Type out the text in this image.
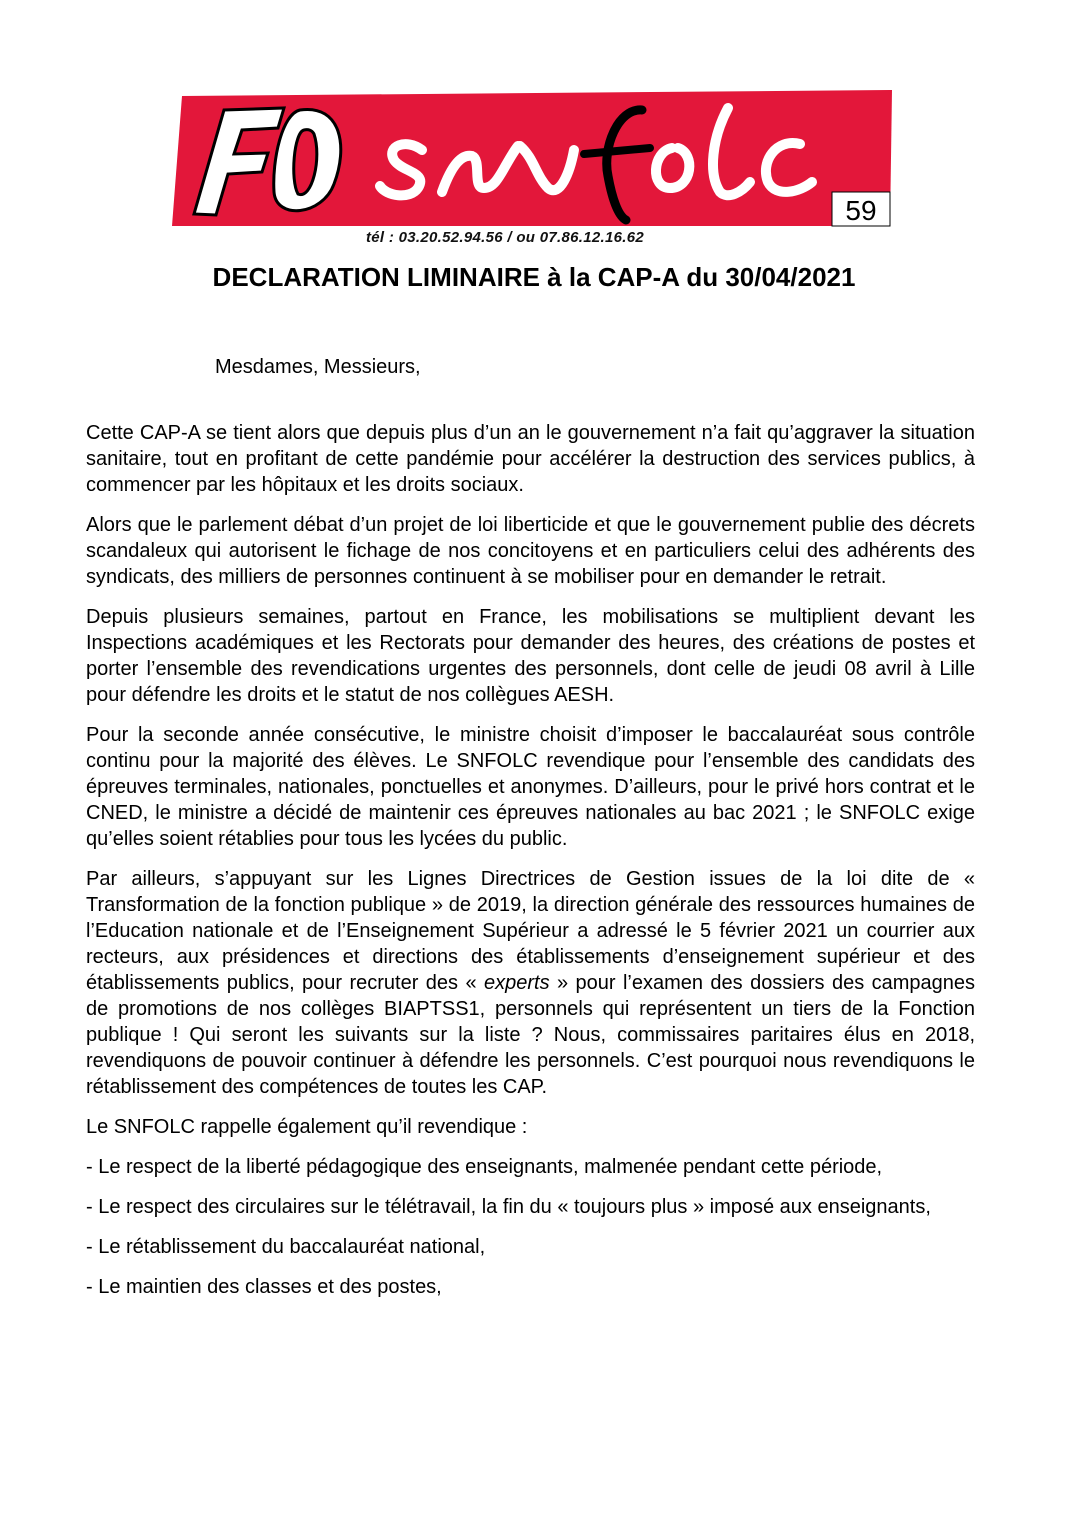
59
tél : 03.20.52.94.56 / ou 07.86.12.16.62
DECLARATION LIMINAIRE à la CAP-A du 30/04/2021

Mesdames, Messieurs,

Cette CAP-A se tient alors que depuis plus d’un an le gouvernement n’a fait qu’aggraver la situation sanitaire, tout en profitant de cette pandémie pour accélérer la destruction des services publics, à commencer par les hôpitaux et les droits sociaux.

Alors que le parlement débat d’un projet de loi liberticide et que le gouvernement publie des décrets scandaleux qui autorisent le fichage de nos concitoyens et en particuliers celui des adhérents des syndicats, des milliers de personnes continuent à se mobiliser pour en demander le retrait.

Depuis plusieurs semaines, partout en France, les mobilisations se multiplient devant les Inspections académiques et les Rectorats pour demander des heures, des créations de postes et porter l’ensemble des revendications urgentes des personnels, dont celle de jeudi 08 avril à Lille pour défendre les droits et le statut de nos collègues AESH.

Pour la seconde année consécutive, le ministre choisit d’imposer le baccalauréat sous contrôle continu pour la majorité des élèves. Le SNFOLC revendique pour l’ensemble des candidats des épreuves terminales, nationales, ponctuelles et anonymes. D’ailleurs, pour le privé hors contrat et le CNED, le ministre a décidé de maintenir ces épreuves nationales au bac 2021 ; le SNFOLC exige qu’elles soient rétablies pour tous les lycées du public.

Par ailleurs, s’appuyant sur les Lignes Directrices de Gestion issues de la loi dite de « Transformation de la fonction publique » de 2019, la direction générale des ressources humaines de l’Education nationale et de l’Enseignement Supérieur a adressé le 5 février 2021 un courrier aux recteurs, aux présidences et directions des établissements d’enseignement supérieur et des établissements publics, pour recruter des « experts » pour l’examen des dossiers des campagnes de promotions de nos collèges BIAPTSS1, personnels qui représentent un tiers de la Fonction publique ! Qui seront les suivants sur la liste ? Nous, commissaires paritaires élus en 2018, revendiquons de pouvoir continuer à défendre les personnels. C’est pourquoi nous revendiquons le rétablissement des compétences de toutes les CAP.

Le SNFOLC rappelle également qu’il revendique :

- Le respect de la liberté pédagogique des enseignants, malmenée pendant cette période,

- Le respect des circulaires sur le télétravail, la fin du « toujours plus » imposé aux enseignants,

- Le rétablissement du baccalauréat national,

- Le maintien des classes et des postes,
